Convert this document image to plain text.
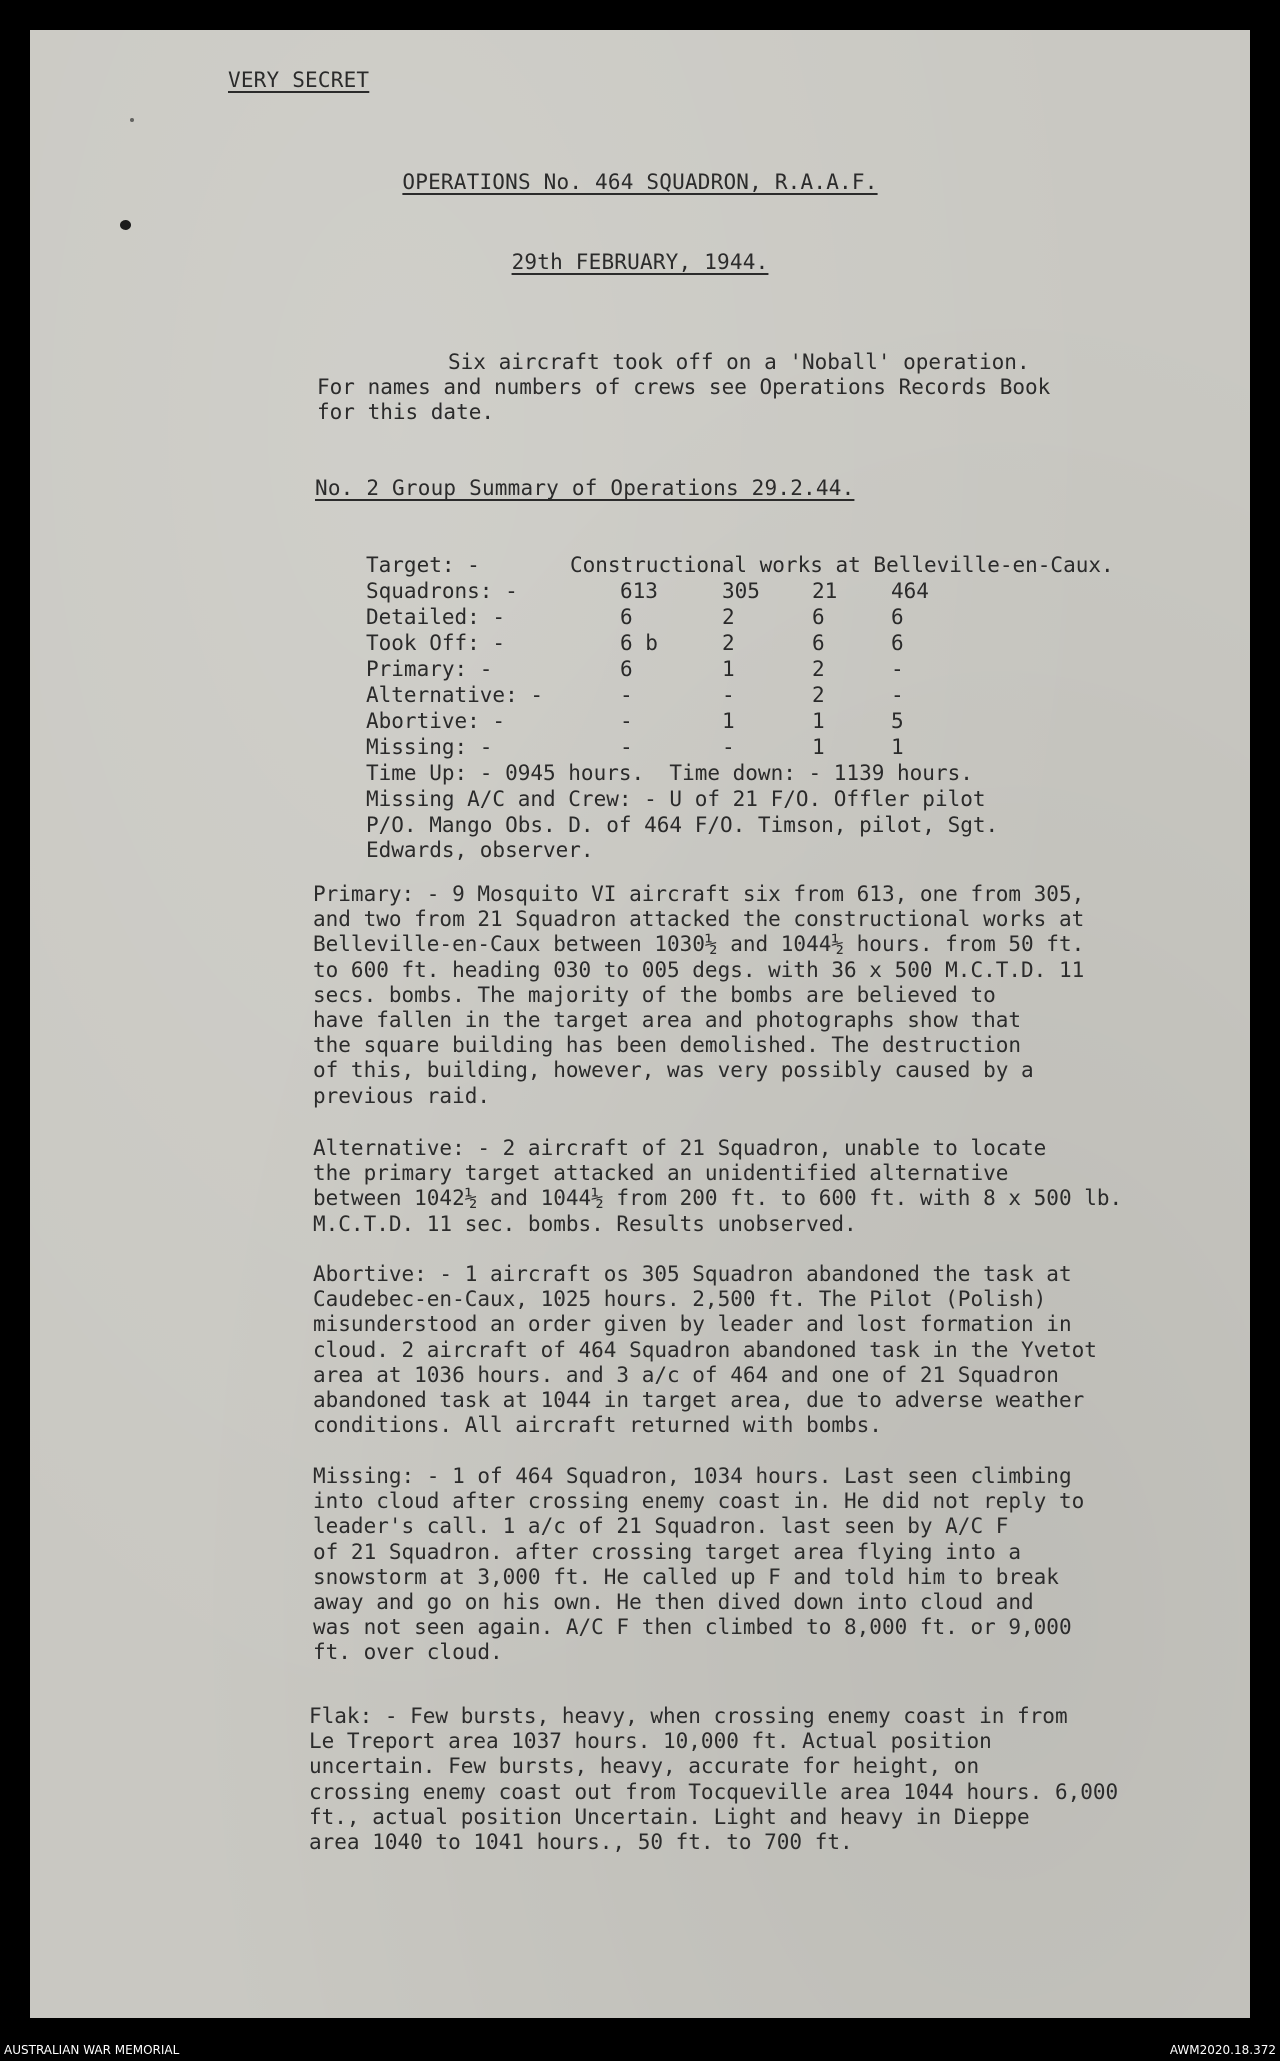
VERY SECRET
OPERATIONS No. 464 SQUADRON, R.A.A.F.
29th FEBRUARY, 1944.
Six aircraft took off on a 'Noball' operation.
For names and numbers of crews see Operations Records Book
for this date.
No. 2 Group Summary of Operations 29.2.44.
Target: -	Constructional works at Belleville-en-Caux.
Squadrons: -	613	305 21	464
Detailed: -	6	2	6	6
Took Off: -	6 b	2	6	6
Primary: -	6	1	2	-
Alternative: -	-	-	2	-
Abortive: -	-	1	1	5
Missing: -	-	-	1	1
Time Up: - 0945 hours.  Time down: - 1139 hours.
Missing A/C and Crew: - U of 21 F/O. Offler pilot
P/O. Mango Obs. D. of 464 F/O. Timson, pilot, Sgt.
Edwards, observer.
Primary: - 9 Mosquito VI aircraft six from 613, one from 305,
and two from 21 Squadron attacked the constructional works at
Belleville-en-Caux between 1030½ and 1044½ hours. from 50 ft.
to 600 ft. heading 030 to 005 degs. with 36 x 500 M.C.T.D. 11
secs. bombs. The majority of the bombs are believed to
have fallen in the target area and photographs show that
the square building has been demolished. The destruction
of this, building, however, was very possibly caused by a
previous raid.
Alternative: - 2 aircraft of 21 Squadron, unable to locate
the primary target attacked an unidentified alternative
between 1042½ and 1044½ from 200 ft. to 600 ft. with 8 x 500 lb.
M.C.T.D. 11 sec. bombs. Results unobserved.
Abortive: - 1 aircraft os 305 Squadron abandoned the task at
Caudebec-en-Caux, 1025 hours. 2,500 ft. The Pilot (Polish)
misunderstood an order given by leader and lost formation in
cloud. 2 aircraft of 464 Squadron abandoned task in the Yvetot
area at 1036 hours. and 3 a/c of 464 and one of 21 Squadron
abandoned task at 1044 in target area, due to adverse weather
conditions. All aircraft returned with bombs.
Missing: - 1 of 464 Squadron, 1034 hours. Last seen climbing
into cloud after crossing enemy coast in. He did not reply to
leader's call. 1 a/c of 21 Squadron. last seen by A/C F
of 21 Squadron. after crossing target area flying into a
snowstorm at 3,000 ft. He called up F and told him to break
away and go on his own. He then dived down into cloud and
was not seen again. A/C F then climbed to 8,000 ft. or 9,000
ft. over cloud.
Flak: - Few bursts, heavy, when crossing enemy coast in from
Le Treport area 1037 hours. 10,000 ft. Actual position
uncertain. Few bursts, heavy, accurate for height, on
crossing enemy coast out from Tocqueville area 1044 hours. 6,000
ft., actual position Uncertain. Light and heavy in Dieppe
area 1040 to 1041 hours., 50 ft. to 700 ft.
AUSTRALIAN WAR MEMORIAL	AWM2020.18.372
